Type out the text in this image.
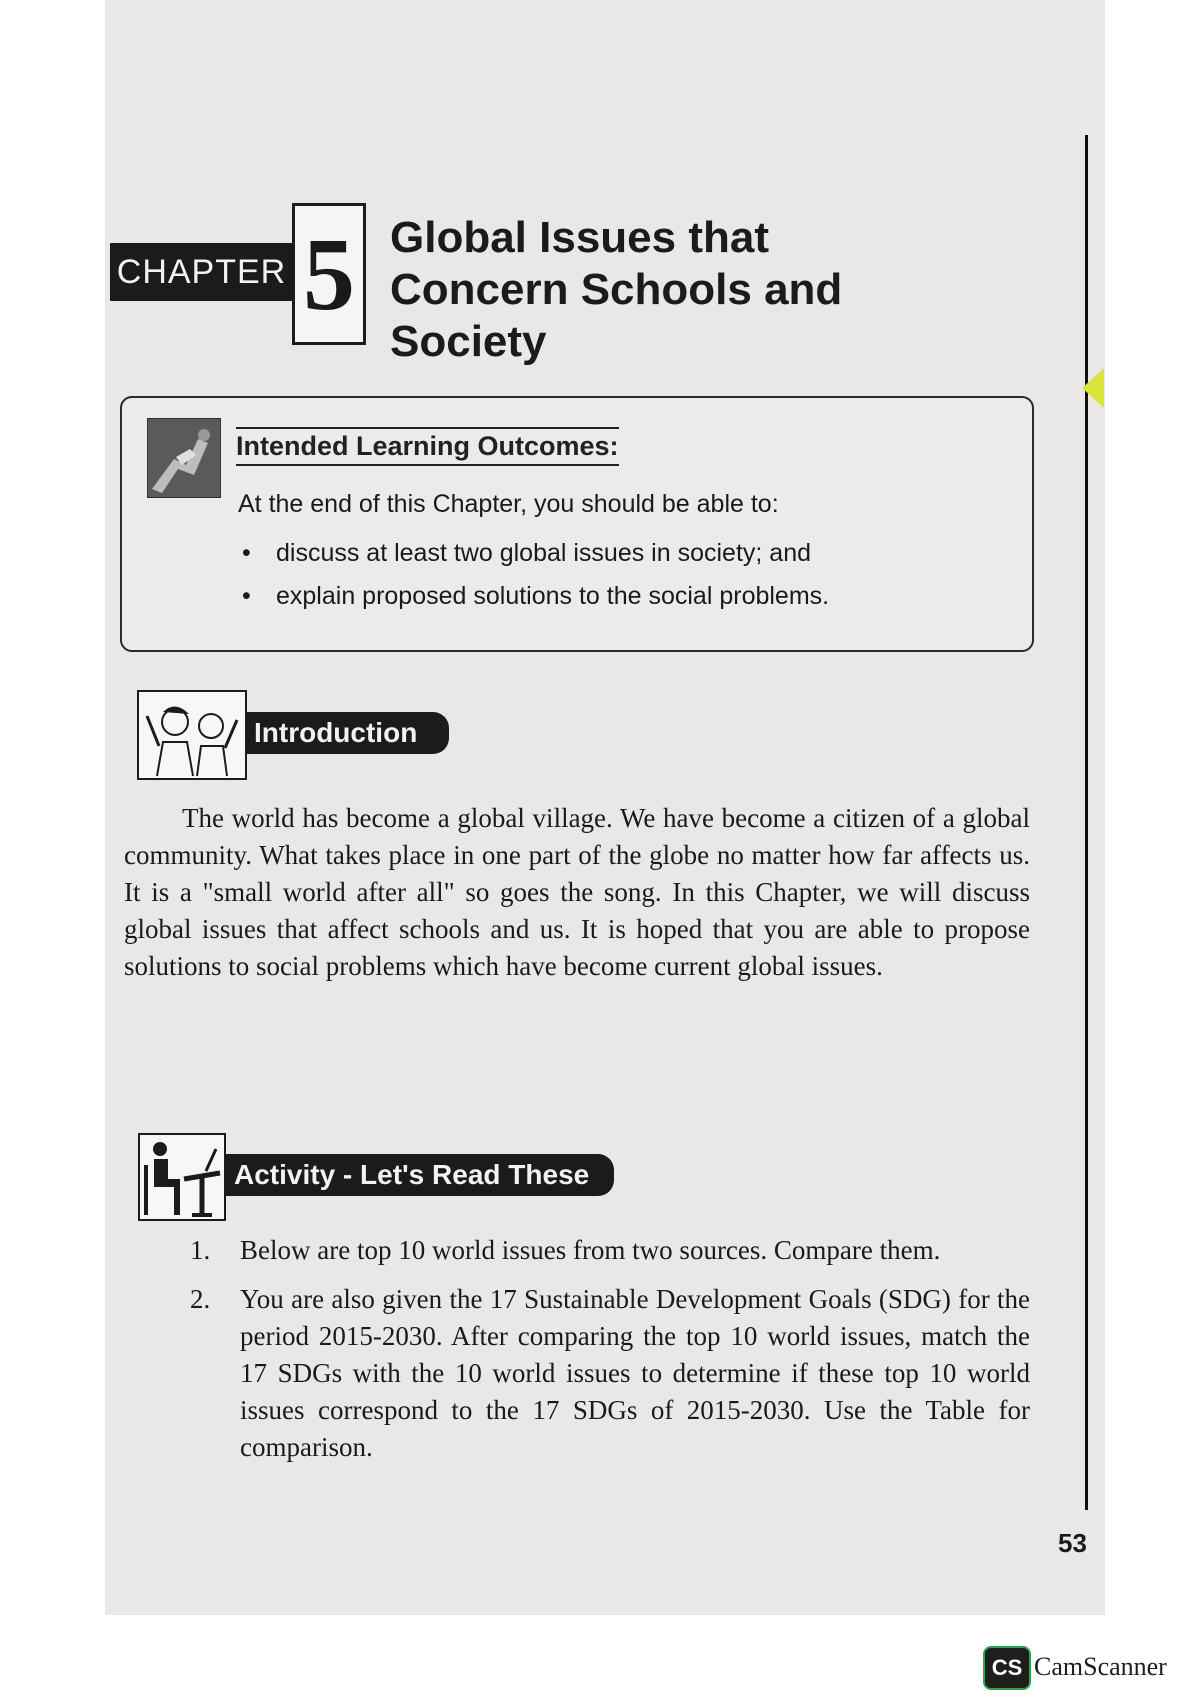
CHAPTER 5 Global Issues that
Concern Schools and Society
Intended Learning Outcomes:
At the end of this Chapter, you should be able to:
• discuss at least two global issues in society; and
• explain proposed solutions to the social problems.
Introduction

The world has become a global village. We have become a citizen of a global community. What takes place in one part of the globe no matter how far affects us. It is a "small world after all" so goes the song. In this Chapter, we will discuss global issues that affect schools and us. It is hoped that you are able to propose solutions to social problems which have become current global issues.

Activity - Let's Read These
1. Below are top 10 world issues from two sources. Compare them.
2. You are also given the 17 Sustainable Development Goals (SDG) for the period 2015-2030. After comparing the top 10 world issues, match the 17 SDGs with the 10 world issues to determine if these top 10 world issues correspond to the 17 SDGs of 2015-2030. Use the Table for comparison.
53
CS CamScanner
